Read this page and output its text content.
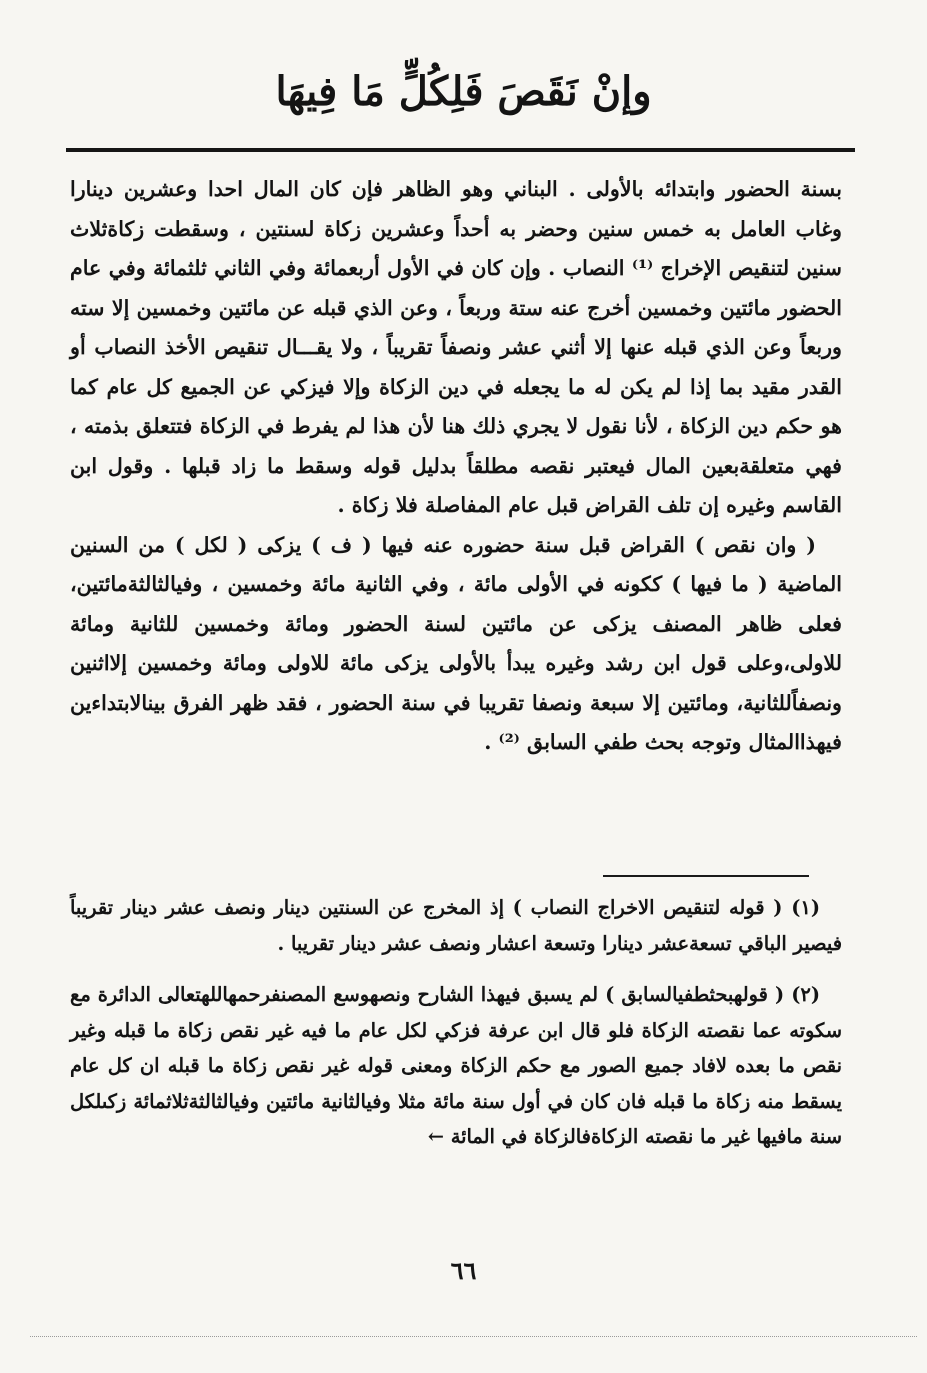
وإنْ نَقَصَ فَلِكُلٍّ مَا فِيهَا

بسنة الحضور وابتدائه بالأولى . البناني وهو الظاهر فإن كان المال احدا وعشرين دينارا وغاب العامل به خمس سنين وحضر به أحداً وعشرين زكاة لسنتين ، وسقطت زكاةثلاث سنين لتنقيص الإخراج ⁽¹⁾ النصاب . وإن كان في الأول أربعمائة وفي الثاني ثلثمائة وفي عام الحضور مائتين وخمسين أخرج عنه ستة وربعاً ، وعن الذي قبله عن مائتين وخمسين إلا سته وربعاً وعن الذي قبله عنها إلا أثني عشر ونصفاً تقريباً ، ولا يقـــال تنقيص الأخذ النصاب أو القدر مقيد بما إذا لم يكن له ما يجعله في دين الزكاة وإلا فيزكي عن الجميع كل عام كما هو حكم دين الزكاة ، لأنا نقول لا يجري ذلك هنا لأن هذا لم يفرط في الزكاة فتتعلق بذمته ، فهي متعلقةبعين المال فيعتبر نقصه مطلقاً بدليل قوله وسقط ما زاد قبلها . وقول ابن القاسم وغيره إن تلف القراض قبل عام المفاصلة فلا زكاة .

( وان نقص ) القراض قبل سنة حضوره عنه فيها ( ف ) يزكى ( لكل ) من السنين الماضية ( ما فيها ) ككونه في الأولى مائة ، وفي الثانية مائة وخمسين ، وفيالثالثةمائتين، فعلى ظاهر المصنف يزكى عن مائتين لسنة الحضور ومائة وخمسين للثانية ومائة للاولى،وعلى قول ابن رشد وغيره يبدأ بالأولى يزكى مائة للاولى ومائة وخمسين إلااثنين ونصفاًللثانية، ومائتين إلا سبعة ونصفا تقريبا في سنة الحضور ، فقد ظهر الفرق بينالابتداءين فيهذاالمثال وتوجه بحث طفي السابق ⁽²⁾ .

(١) ( قوله لتنقيص الاخراج النصاب ) إذ المخرج عن السنتين دينار ونصف عشر دينار تقريباً فيصير الباقي تسعةعشر دينارا وتسعة اعشار ونصف عشر دينار تقريبا .

(٢) ( قولهبحثطفيالسابق ) لم يسبق فيهذا الشارح ونصهوسع المصنفرحمهاللهتعالى الدائرة مع سكوته عما نقصته الزكاة فلو قال ابن عرفة فزكي لكل عام ما فيه غير نقص زكاة ما قبله وغير نقص ما بعده لافاد جميع الصور مع حكم الزكاة ومعنى قوله غير نقص زكاة ما قبله ان كل عام يسقط منه زكاة ما قبله فان كان في أول سنة مائة مثلا وفيالثانية مائتين وفيالثالثةثلاثمائة زكىلكل سنة مافيها غير ما نقصته الزكاةفالزكاة في المائة ←

٦٦
